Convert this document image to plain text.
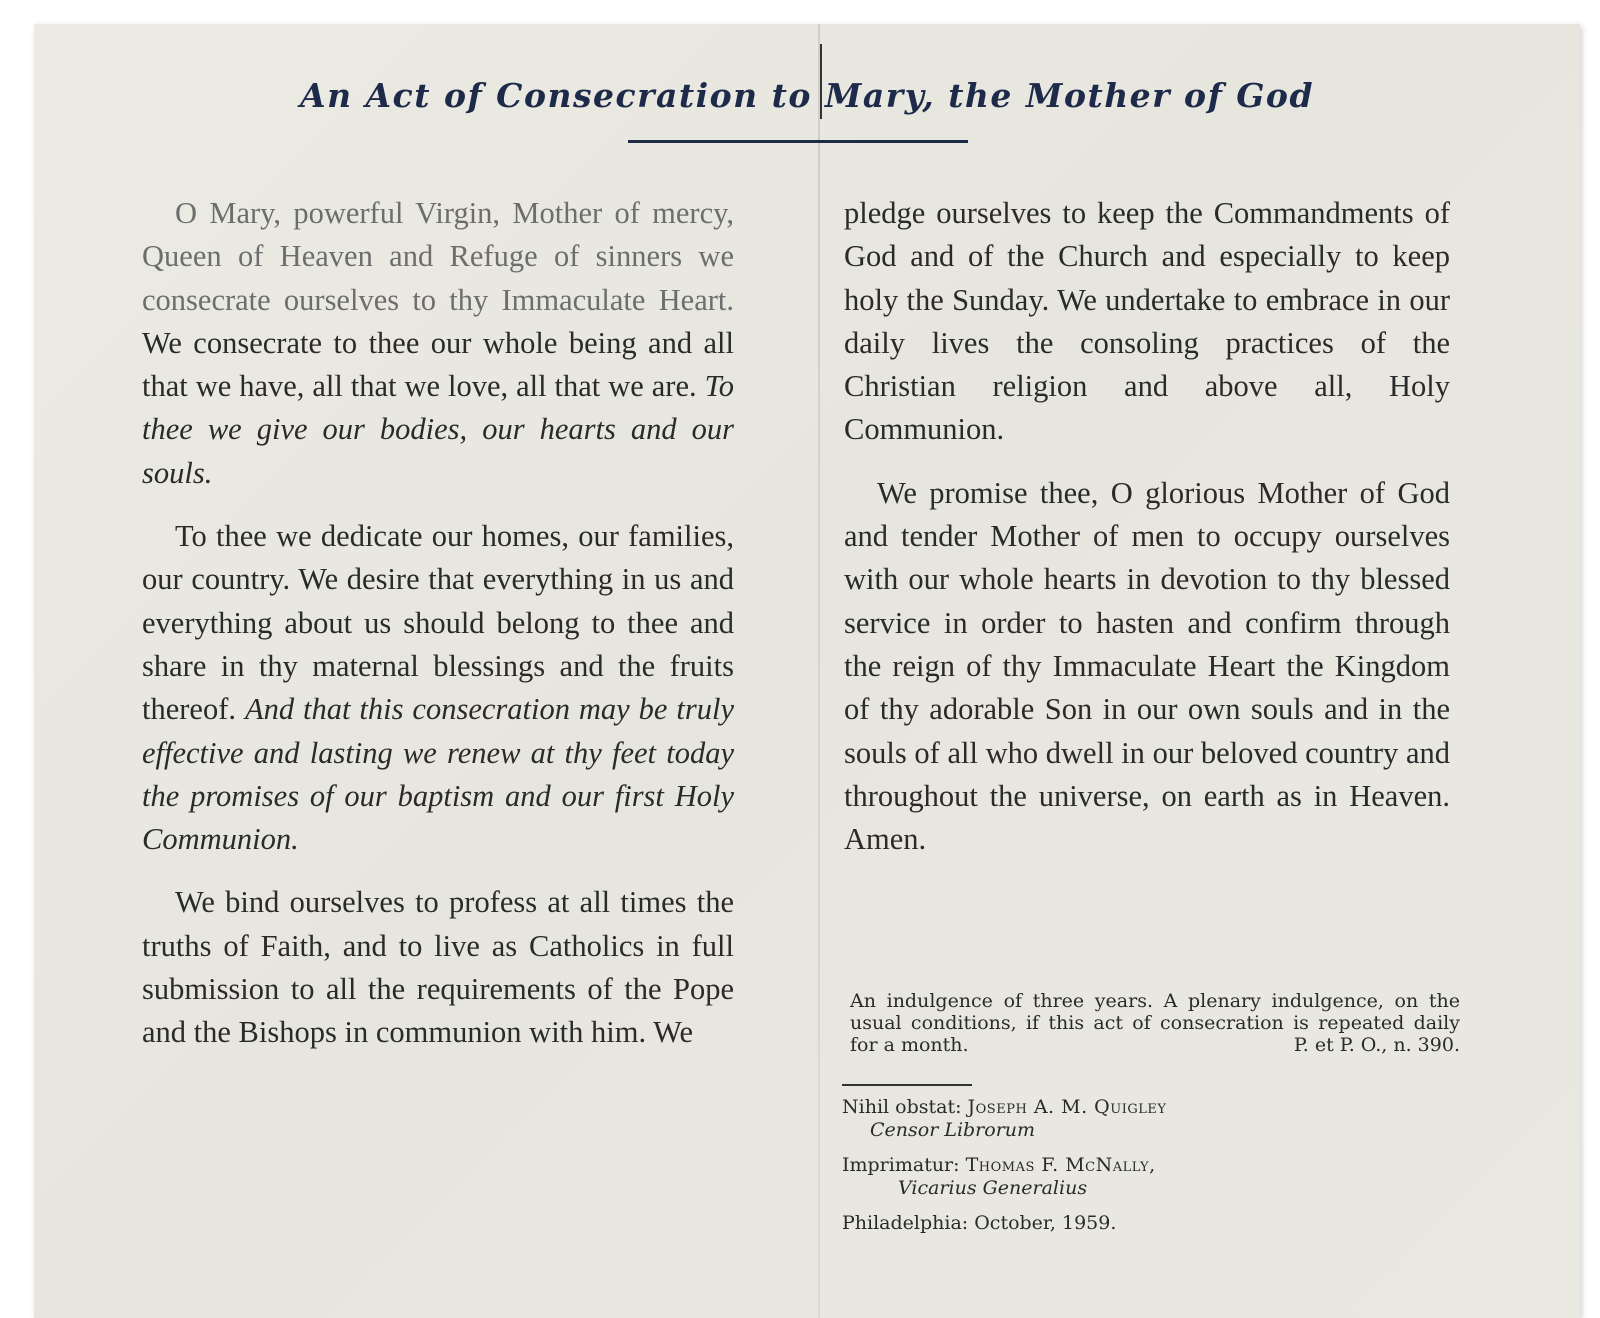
An Act of Consecration to Mary, the Mother of God

O Mary, powerful Virgin, Mother of mercy, Queen of Heaven and Refuge of sinners we consecrate ourselves to thy Immaculate Heart. We consecrate to thee our whole being and all that we have, all that we love, all that we are. To thee we give our bodies, our hearts and our souls.

To thee we dedicate our homes, our families, our country. We desire that everything in us and everything about us should belong to thee and share in thy maternal blessings and the fruits thereof. And that this consecration may be truly effective and lasting we renew at thy feet today the promises of our baptism and our first Holy Communion.

We bind ourselves to profess at all times the truths of Faith, and to live as Catholics in full submission to all the requirements of the Pope and the Bishops in communion with him. We

pledge ourselves to keep the Commandments of God and of the Church and especially to keep holy the Sunday. We undertake to embrace in our daily lives the consoling practices of the Christian religion and above all, Holy Communion.

We promise thee, O glorious Mother of God and tender Mother of men to occupy ourselves with our whole hearts in devotion to thy blessed service in order to hasten and confirm through the reign of thy Immaculate Heart the Kingdom of thy adorable Son in our own souls and in the souls of all who dwell in our beloved country and throughout the universe, on earth as in Heaven. Amen.

An indulgence of three years. A plenary indulgence, on the usual conditions, if this act of consecration is repeated daily for a month.	P. et P. O., n. 390.

Nihil obstat: Joseph A. M. Quigley

Censor Librorum

Imprimatur: Thomas F. McNally,

Vicarius Generalius

Philadelphia: October, 1959.
